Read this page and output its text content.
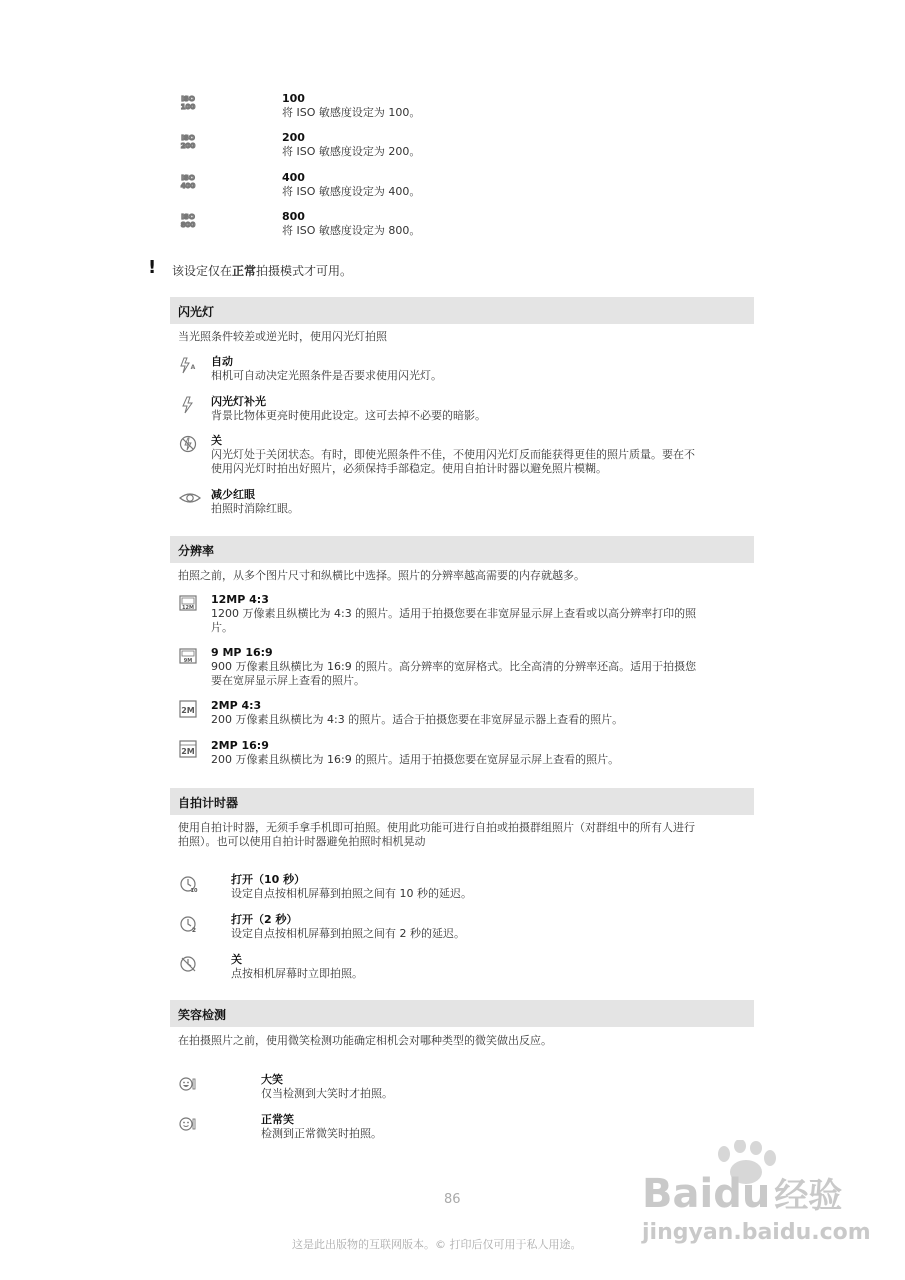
ISO
100
100
将 ISO 敏感度设定为 100。
ISO
200
200
将 ISO 敏感度设定为 200。
ISO
400
400
将 ISO 敏感度设定为 400。
ISO
800
800
将 ISO 敏感度设定为 800。
! 该设定仅在正常拍摄模式才可用。
闪光灯
当光照条件较差或逆光时，使用闪光灯拍照
A 自动
相机可自动决定光照条件是否要求使用闪光灯。
闪光灯补光
背景比物体更亮时使用此设定。这可去掉不必要的暗影。
关
闪光灯处于关闭状态。有时，即使光照条件不佳，不使用闪光灯反而能获得更佳的照片质量。要在不
使用闪光灯时拍出好照片，必须保持手部稳定。使用自拍计时器以避免照片模糊。
减少红眼
拍照时消除红眼。
分辨率
拍照之前，从多个图片尺寸和纵横比中选择。照片的分辨率越高需要的内存就越多。
12M
12MP 4:3
1200 万像素且纵横比为 4:3 的照片。适用于拍摄您要在非宽屏显示屏上查看或以高分辨率打印的照
片。
9M
9 MP 16:9
900 万像素且纵横比为 16:9 的照片。高分辨率的宽屏格式。比全高清的分辨率还高。适用于拍摄您
要在宽屏显示屏上查看的照片。
2M 2MP 4:3
200 万像素且纵横比为 4:3 的照片。适合于拍摄您要在非宽屏显示器上查看的照片。
2M 2MP 16:9
200 万像素且纵横比为 16:9 的照片。适用于拍摄您要在宽屏显示屏上查看的照片。
自拍计时器
使用自拍计时器，无须手拿手机即可拍照。使用此功能可进行自拍或拍摄群组照片（对群组中的所有人进行
拍照）。也可以使用自拍计时器避免拍照时相机晃动
10
打开（10 秒）
设定自点按相机屏幕到拍照之间有 10 秒的延迟。
2
打开（2 秒）
设定自点按相机屏幕到拍照之间有 2 秒的延迟。
关
点按相机屏幕时立即拍照。
笑容检测
在拍摄照片之前，使用微笑检测功能确定相机会对哪种类型的微笑做出反应。
大笑
仅当检测到大笑时才拍照。
正常笑
检测到正常微笑时拍照。
86
这是此出版物的互联网版本。© 打印后仅可用于私人用途。
Baidu 经验
jingyan.baidu.com
